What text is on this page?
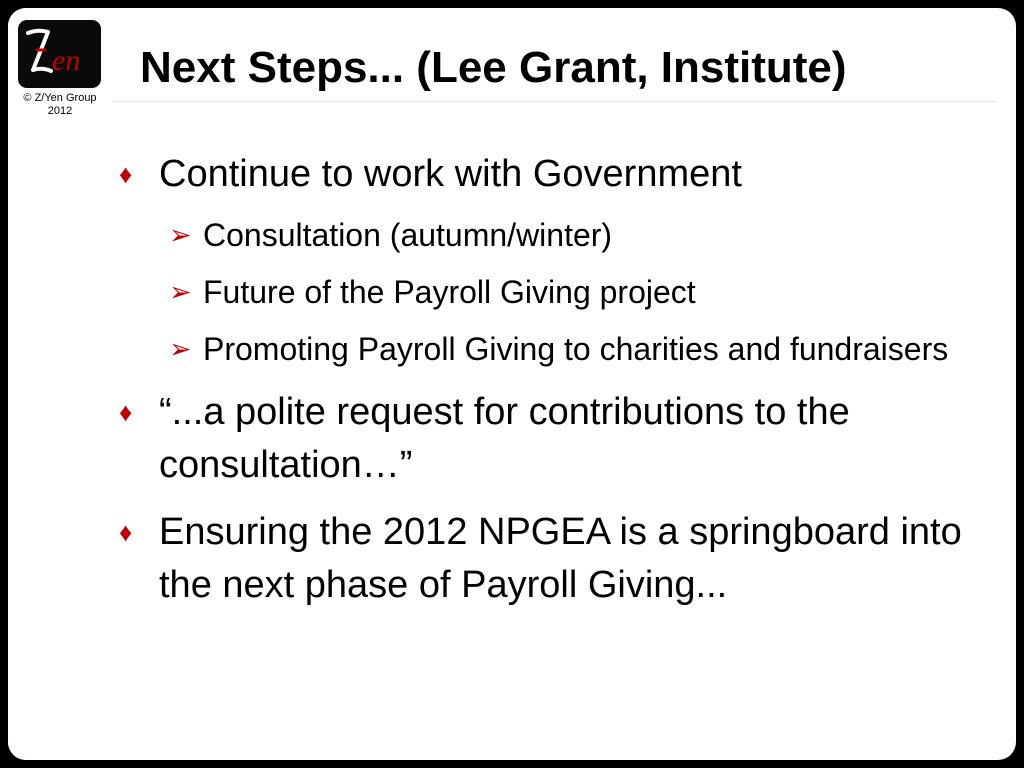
en
© Z/Yen Group
2012
Next Steps... (Lee Grant, Institute)
♦ Continue to work with Government
➢ Consultation (autumn/winter)
➢ Future of the Payroll Giving project
➢ Promoting Payroll Giving to charities and fundraisers
♦ “...a polite request for contributions to the consultation…”
♦ Ensuring the 2012 NPGEA is a springboard into the next phase of Payroll Giving...
